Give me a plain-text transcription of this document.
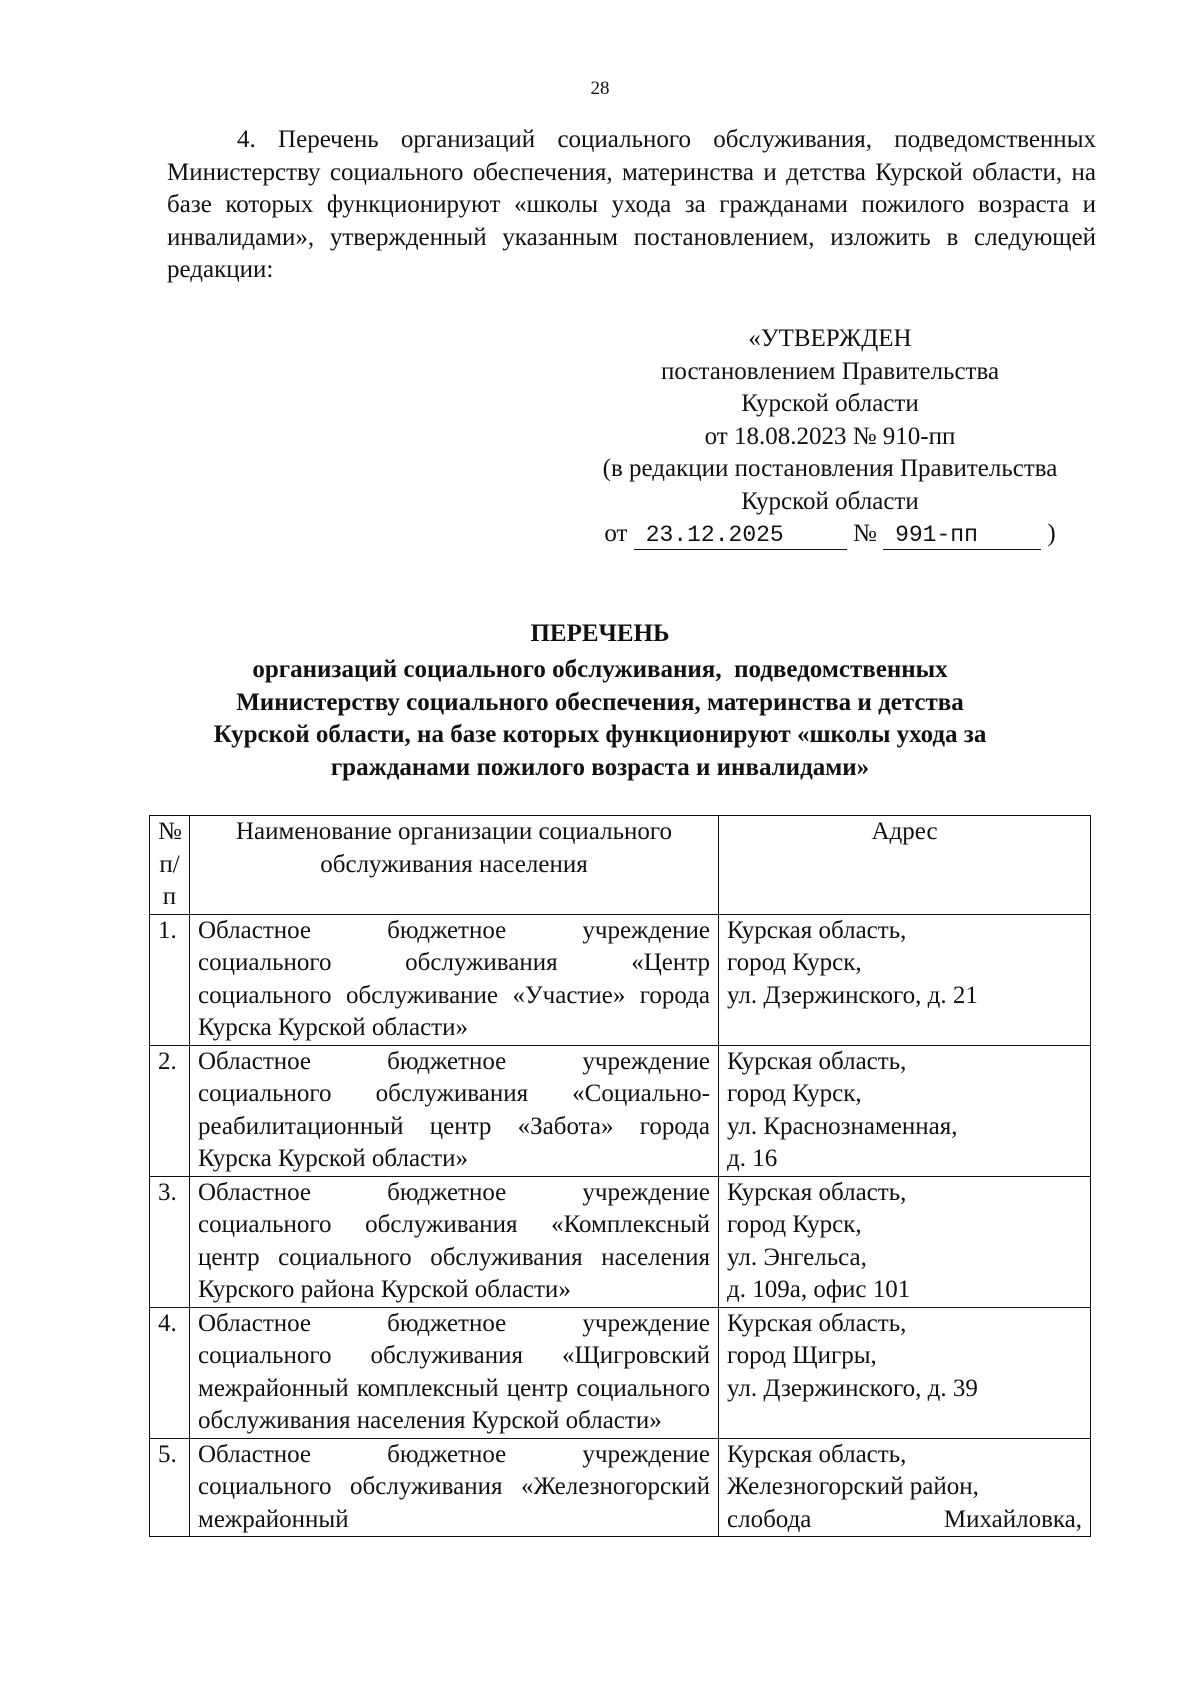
28
4. Перечень организаций социального обслуживания, подведомственных Министерству социального обеспечения, материнства и детства Курской области, на базе которых функционируют «школы ухода за гражданами пожилого возраста и инвалидами», утвержденный указанным постановлением, изложить в следующей редакции:
«УТВЕРЖДЕН
постановлением Правительства
Курской области
от 18.08.2023 № 910-пп
(в редакции постановления Правительства
Курской области
от 23.12.2025	№ 991-пп	)
ПЕРЕЧЕНЬ
организаций социального обслуживания,  подведомственных
Министерству социального обеспечения, материнства и детства
Курской области, на базе которых функционируют «школы ухода за
гражданами пожилого возраста и инвалидами»
№
п/п	Наименование организации социального обслуживания населения	Адрес
1.	Областное бюджетное учреждение социального обслуживания «Центр социального обслуживание «Участие» города Курска Курской области»	Курская область,
город Курск,
ул. Дзержинского, д. 21

2.	Областное бюджетное учреждение социального обслуживания «Социально-реабилитационный центр «Забота» города Курска Курской области»	Курская область,
город Курск,
ул. Краснознаменная,
д. 16

3.	Областное бюджетное учреждение социального обслуживания «Комплексный центр социального обслуживания населения Курского района Курской области»	Курская область,
город Курск,
ул. Энгельса,
д. 109а, офис 101

4.	Областное бюджетное учреждение социального обслуживания «Щигровский межрайонный комплексный центр социального обслуживания населения Курской области»	Курская область,
город Щигры,
ул. Дзержинского, д. 39

5.	Областное бюджетное учреждение социального обслуживания «Железногорский межрайонный	Курская область,
Железногорский район,
слобода Михайловка,
